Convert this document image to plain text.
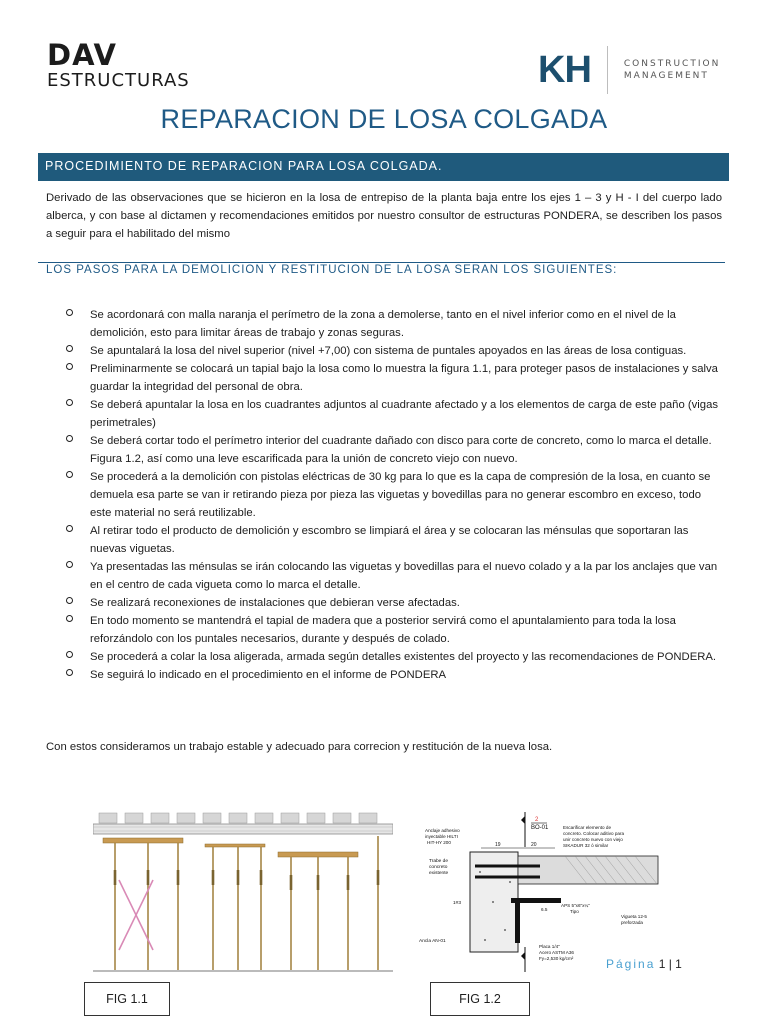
DAV
ESTRUCTURAS	KH	CONSTRUCTION
MANAGEMENT
REPARACION DE LOSA COLGADA
PROCEDIMIENTO DE REPARACION PARA LOSA COLGADA.
Derivado de las observaciones que se hicieron en la losa de entrepiso de la planta baja entre los ejes 1 – 3 y H - I del cuerpo lado alberca, y con base al dictamen y recomendaciones emitidos por nuestro consultor de estructuras PONDERA, se describen los pasos a seguir para el habilitado del mismo
LOS PASOS PARA LA DEMOLICION Y RESTITUCION DE LA LOSA SERAN LOS SIGUIENTES:
Se acordonará con malla naranja el perímetro de la zona a demolerse, tanto en el nivel inferior como en el nivel de la demolición, esto para limitar áreas de trabajo y zonas seguras.
Se apuntalará la losa del nivel superior (nivel +7,00) con sistema de puntales apoyados en las áreas de losa contiguas.
Preliminarmente se colocará un tapial bajo la losa como lo muestra la figura 1.1, para proteger pasos de instalaciones y salva guardar la integridad del personal de obra.
Se deberá apuntalar la losa en los cuadrantes adjuntos al cuadrante afectado y a los elementos de carga de este paño (vigas perimetrales)
Se deberá cortar todo el perímetro interior del cuadrante dañado con disco para corte de concreto, como lo marca el detalle. Figura 1.2, así como una leve escarificada para la unión de concreto viejo con nuevo.
Se procederá a la demolición con pistolas eléctricas de 30 kg para lo que es la capa de compresión de la losa, en cuanto se demuela esa parte se van ir retirando pieza por pieza las viguetas y bovedillas para no generar escombro en exceso, todo este material no será reutilizable.
Al retirar todo el producto de demolición y escombro se limpiará el área y se colocaran las ménsulas que soportaran las nuevas viguetas.
Ya presentadas las ménsulas se irán colocando las viguetas y bovedillas para el nuevo colado y a la par los anclajes que van en el centro de cada vigueta como lo marca el detalle.
Se realizará reconexiones de instalaciones que debieran verse afectadas.
En todo momento se mantendrá el tapial de madera que a posterior servirá como el apuntalamiento para toda la losa reforzándolo con los puntales necesarios, durante y después de colado.
Se procederá a colar la losa aligerada, armada según detalles existentes del proyecto y las recomendaciones de PONDERA.
Se seguirá lo indicado en el procedimiento en el informe de PONDERA
Con estos consideramos un trabajo estable y adecuado para correcion y restitución de la nueva losa.
2
BO-01
Anclaje adhesivo
inyectable HILTI
HIT-HY 200
Escarificar elemento de
concreto. Colocar aditivo para
unir concreto nuevo con viejo
SIKADUR 32 ó similar
19	20
Trabe de
concreto
existente
APS 5"x6"x¼"
Tipo
6.5
Vigueta 12-5
preforzada
1#3
Ancla AN-01
Placa 1/4"
Acero ASTM A36
Fy=2,530 kg/cm²
FIG 1.1	FIG 1.2
Página 1 | 1
